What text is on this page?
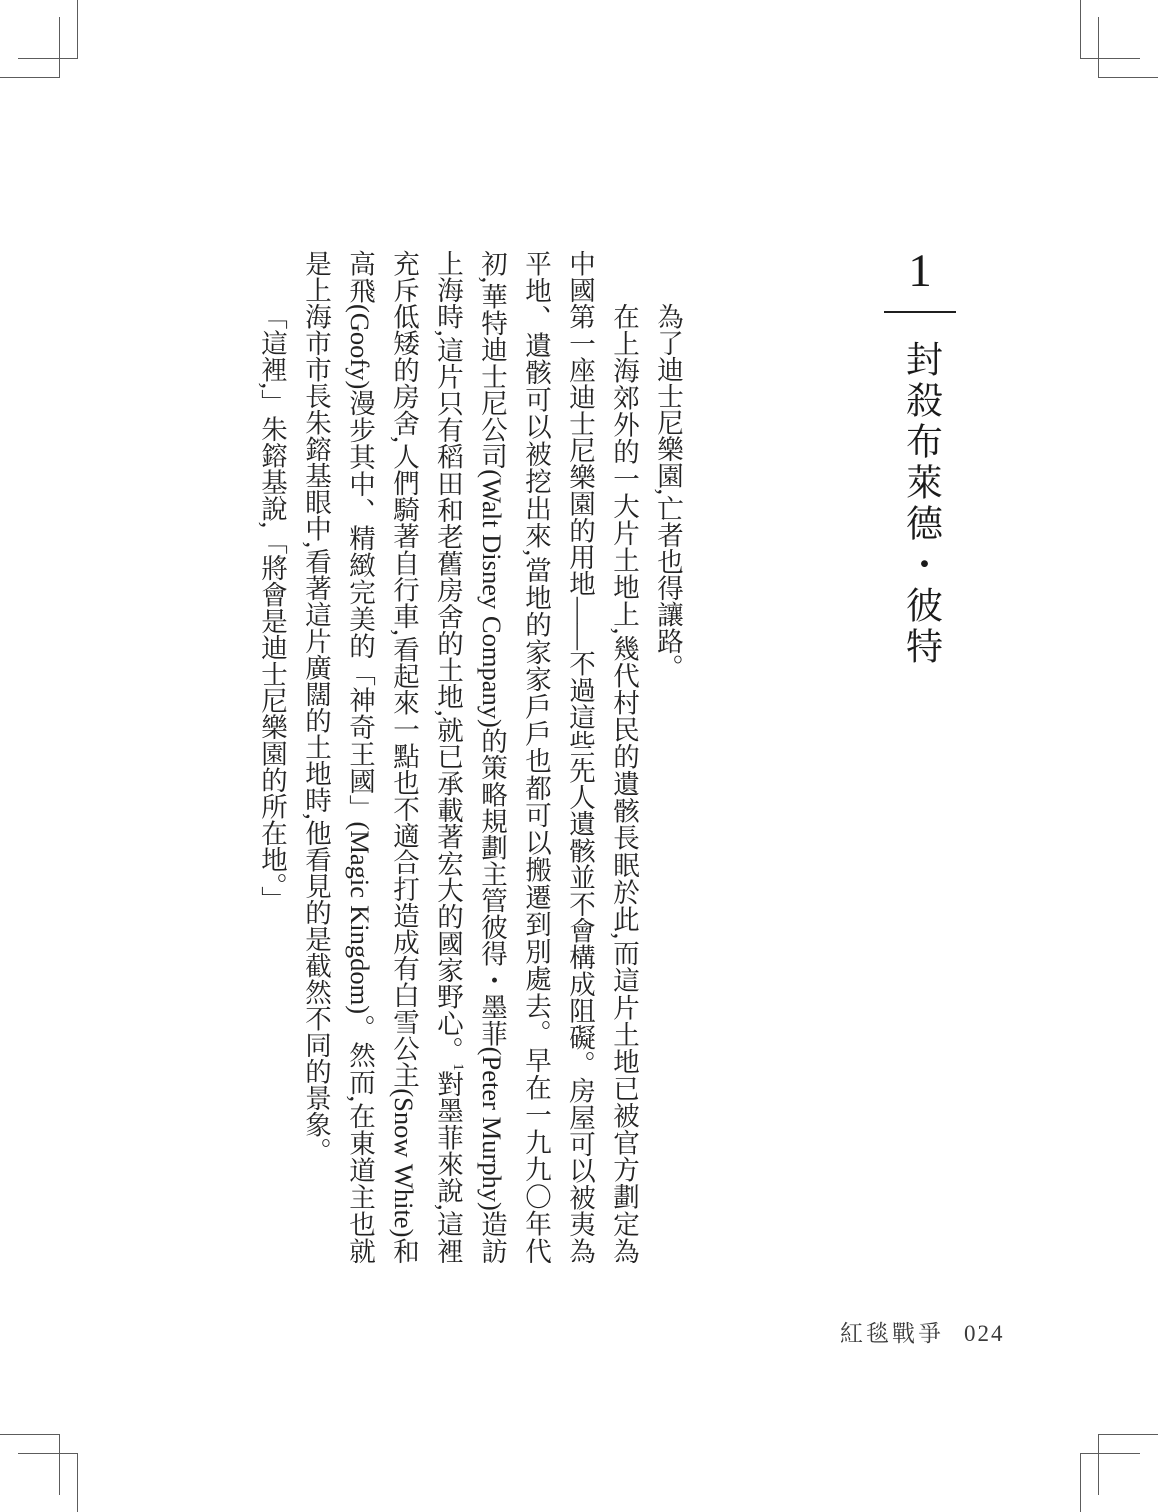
1
封殺布萊德・彼特

為了迪士尼樂園,亡者也得讓路。

在上海郊外的一大片土地上,幾代村民的遺骸長眠於此,而這片土地已被官方劃定為中國第一座迪士尼樂園的用地——不過這些先人遺骸並不會構成阻礙。房屋可以被夷為平地、遺骸可以被挖出來,當地的家家戶戶也都可以搬遷到別處去。早在一九九〇年代初,華特迪士尼公司(Walt Disney Company)的策略規劃主管彼得・墨菲(Peter Murphy)造訪上海時,這片只有稻田和老舊房舍的土地,就已承載著宏大的國家野心。$^1$對墨菲來說,這裡充斥低矮的房舍,人們騎著自行車,看起來一點也不適合打造成有白雪公主(Snow White)和高飛(Goofy)漫步其中、精緻完美的「神奇王國」(Magic Kingdom)。然而,在東道主也就是上海市市長朱鎔基眼中,看著這片廣闊的土地時,他看見的是截然不同的景象。

「這裡,」朱鎔基說,「將會是迪士尼樂園的所在地。」

紅毯戰爭 024
